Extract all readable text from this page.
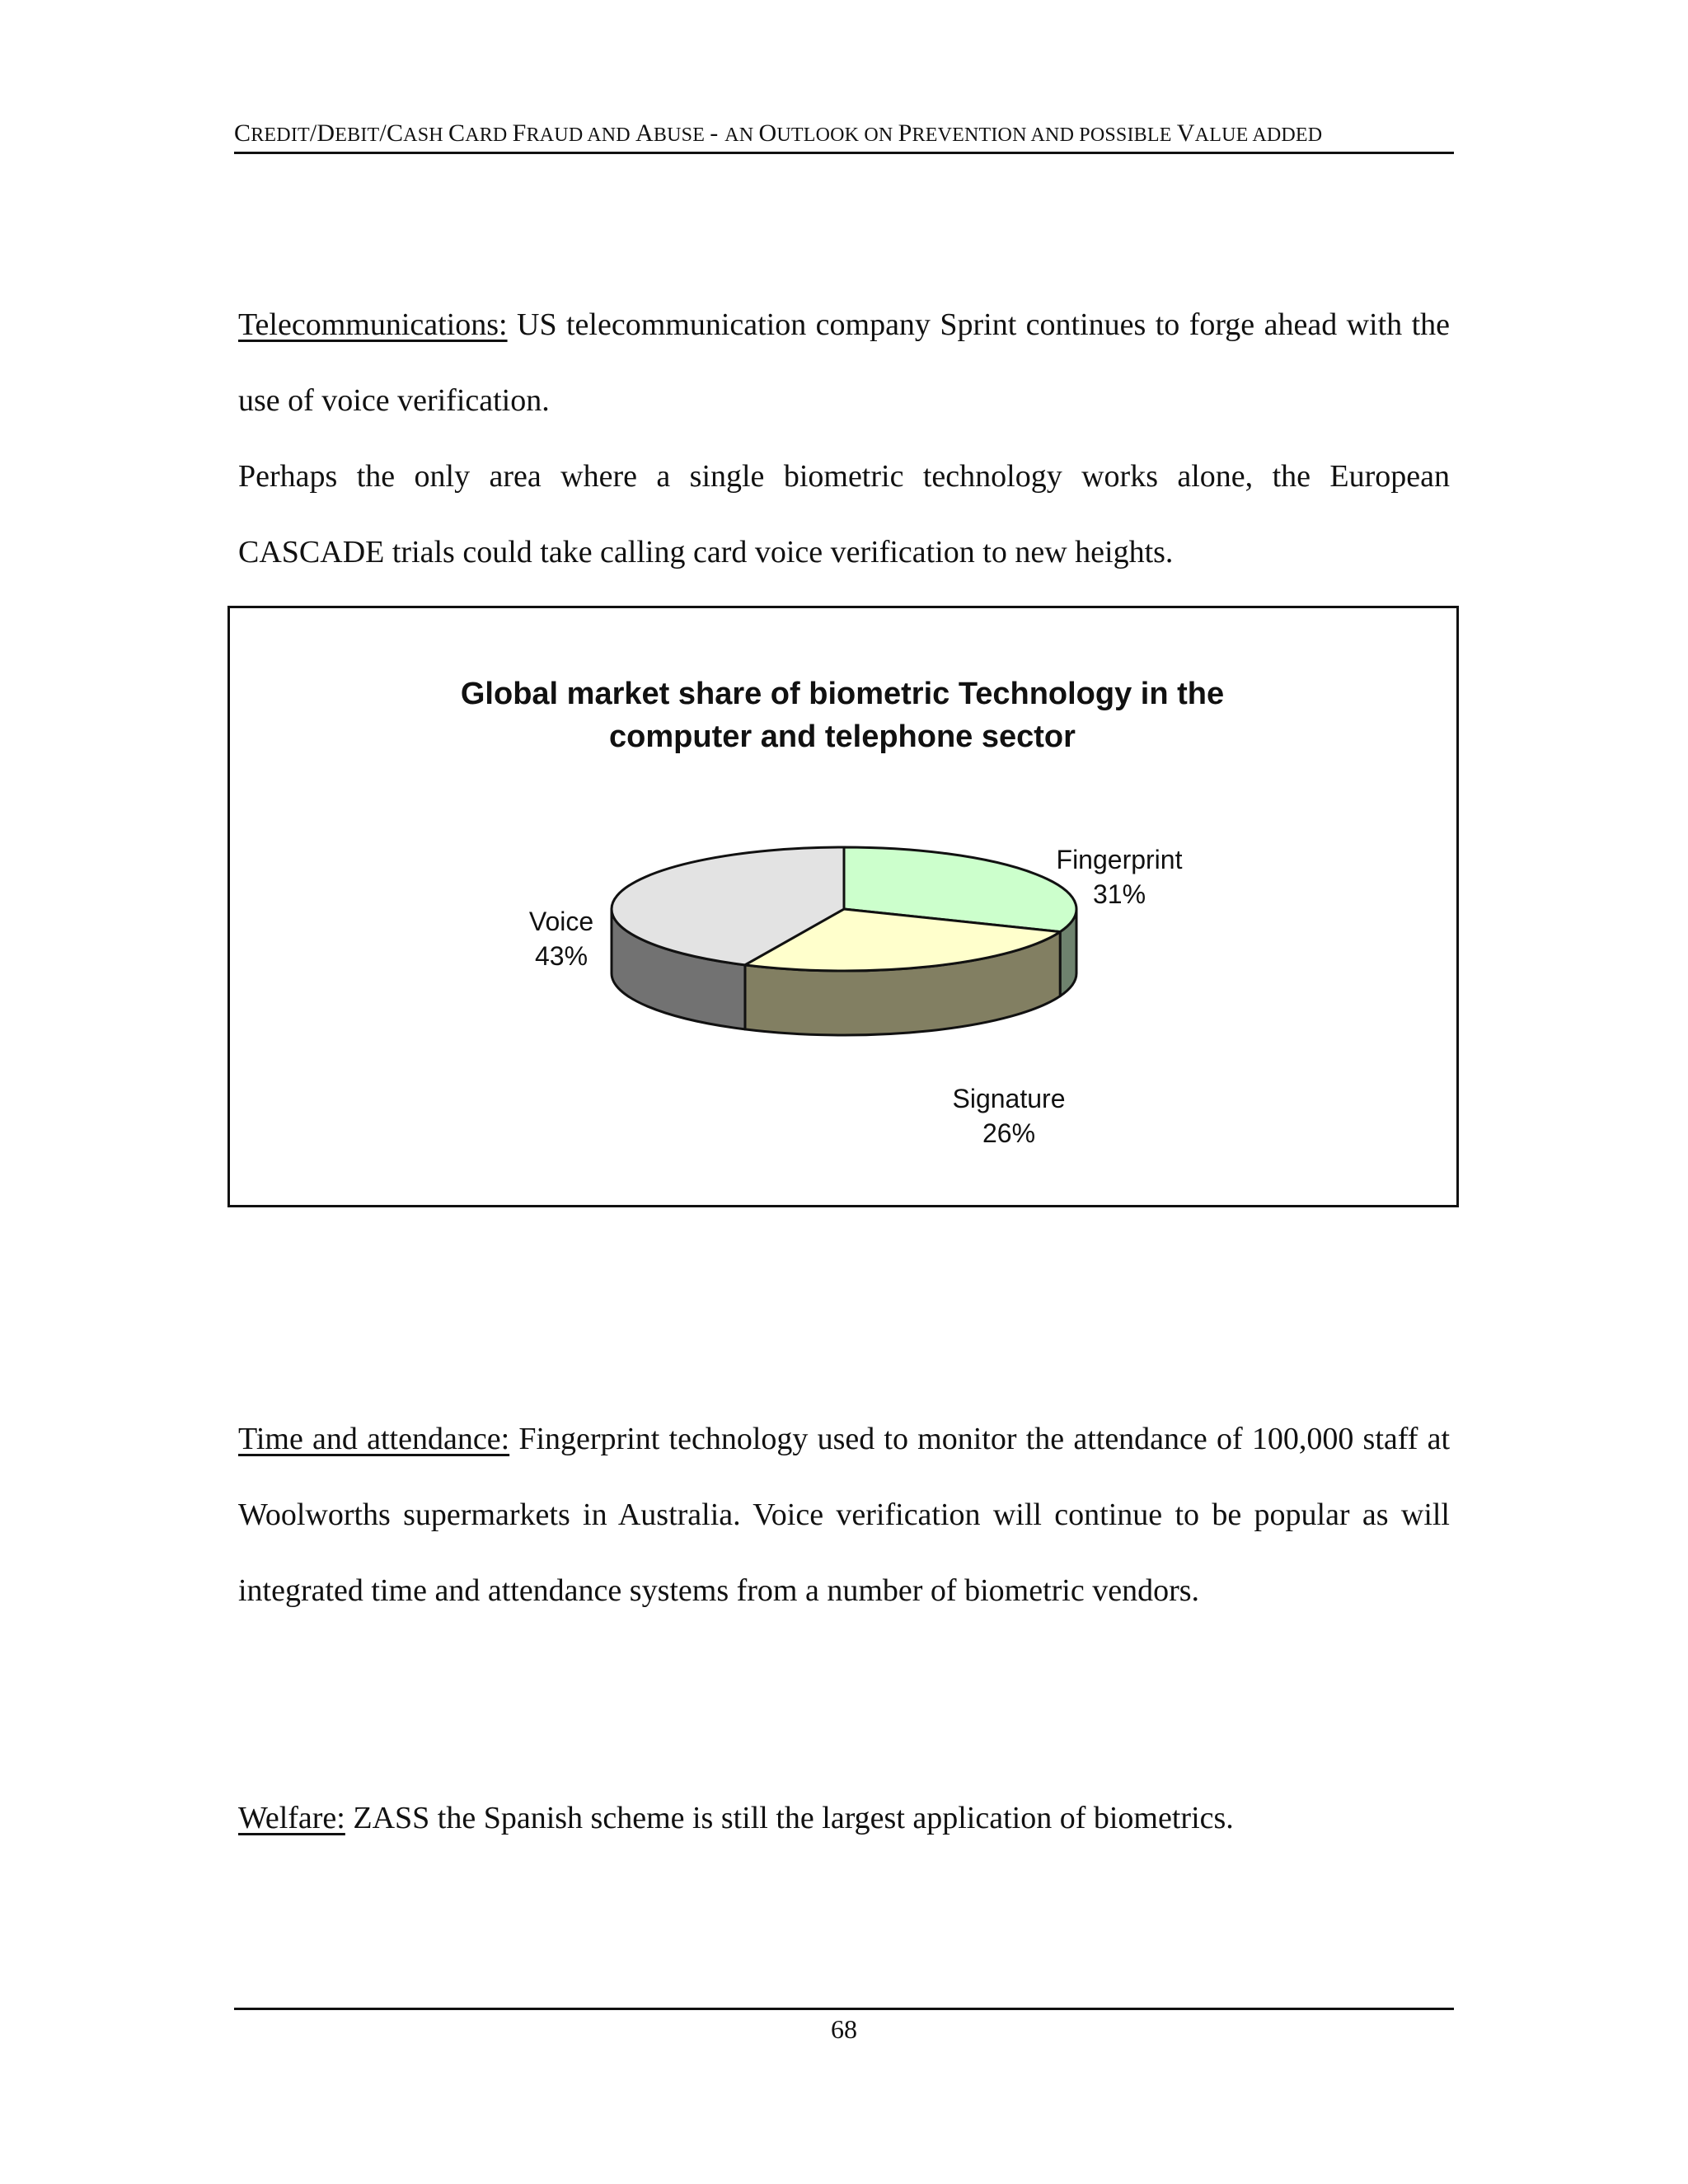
CREDIT/DEBIT/CASH CARD FRAUD AND ABUSE - AN OUTLOOK ON PREVENTION AND POSSIBLE VALUE ADDED

Telecommunications: US telecommunication company Sprint continues to forge ahead with the use of voice verification.

Perhaps the only area where a single biometric technology works alone, the European CASCADE trials could take calling card voice verification to new heights.

Global market share of biometric Technology in the
computer and telephone sector
Fingerprint
31%
Signature
26%
Voice
43%

Time and attendance: Fingerprint technology used to monitor the attendance of 100,000 staff at Woolworths supermarkets in Australia. Voice verification will continue to be popular as will integrated time and attendance systems from a number of biometric vendors.

Welfare: ZASS the Spanish scheme is still the largest application of biometrics.

68
